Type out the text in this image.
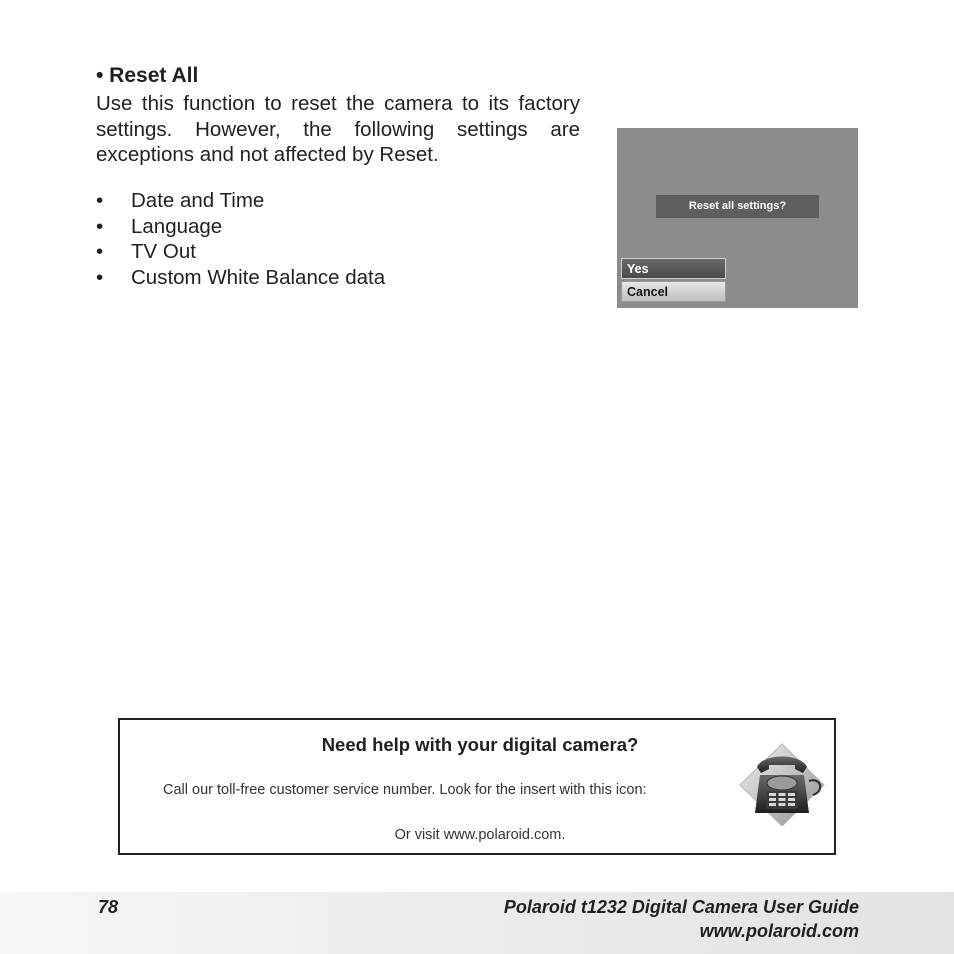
• Reset All

Use this function to reset the camera to its factory settings. However, the following settings are exceptions and not affected by Reset.

• Date and Time
• Language
• TV Out
• Custom White Balance data
Reset all settings?
Yes
Cancel
Need help with your digital camera?
Call our toll-free customer service number. Look for the insert with this icon:
Or visit www.polaroid.com.
78	Polaroid t1232 Digital Camera User Guide
www.polaroid.com
